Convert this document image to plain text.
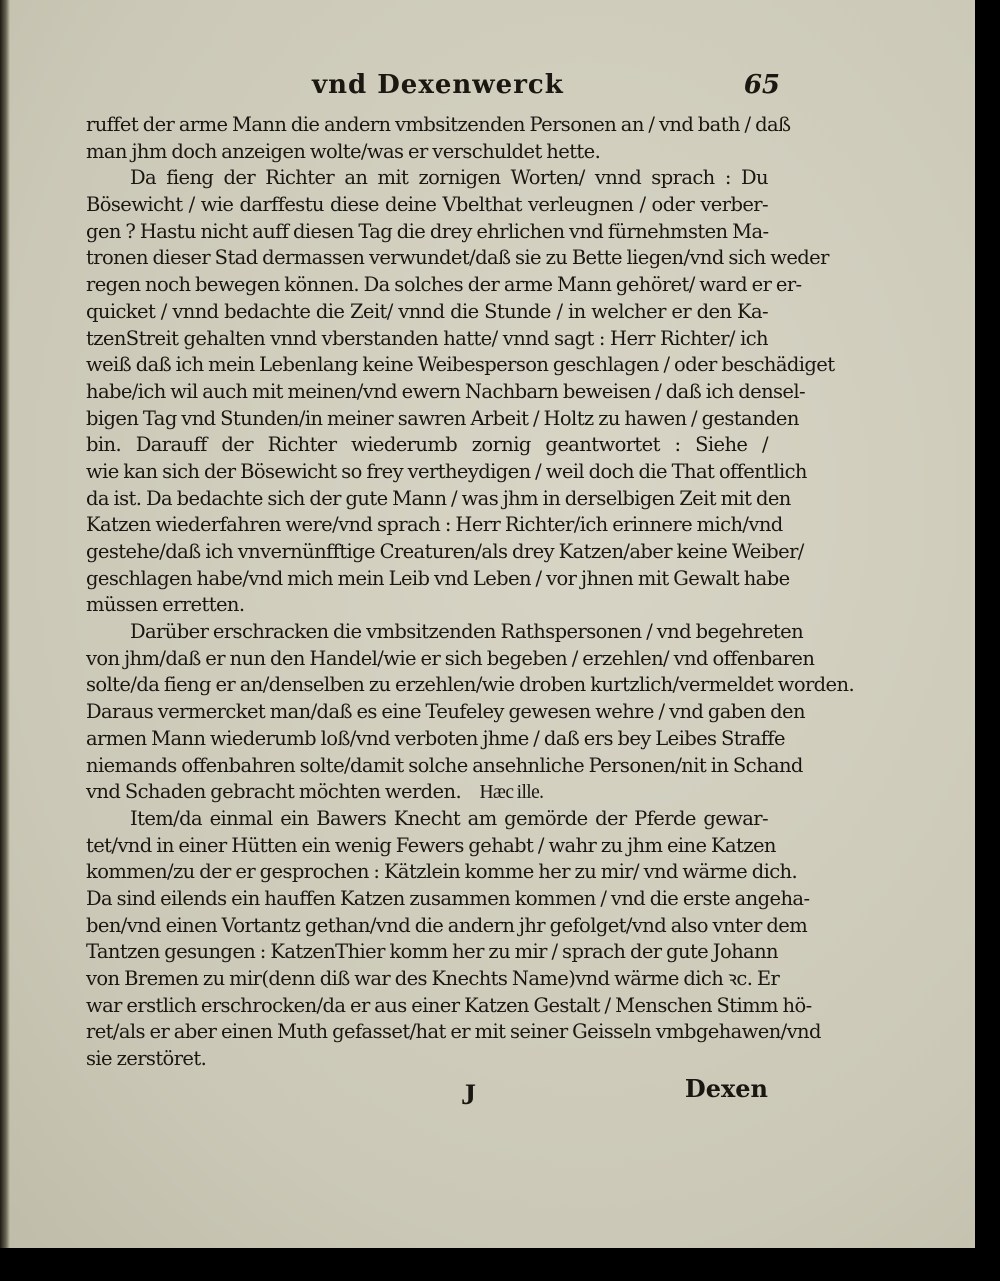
vnd Dexenwerck	65
ruffet der arme Mann die andern vmbsitzenden Personen an / vnd bath / daß
man jhm doch anzeigen wolte/was er verschuldet hette.
Da fieng der Richter an mit zornigen Worten/ vnnd sprach : Du
Bösewicht / wie darffestu diese deine Vbelthat verleugnen / oder verber-
gen ? Hastu nicht auff diesen Tag die drey ehrlichen vnd fürnehmsten Ma-
tronen dieser Stad dermassen verwundet/daß sie zu Bette liegen/vnd sich weder
regen noch bewegen können. Da solches der arme Mann gehöret/ ward er er-
quicket / vnnd bedachte die Zeit/ vnnd die Stunde / in welcher er den Ka-
tzenStreit gehalten vnnd vberstanden hatte/ vnnd sagt : Herr Richter/ ich
weiß daß ich mein Lebenlang keine Weibesperson geschlagen / oder beschädiget
habe/ich wil auch mit meinen/vnd ewern Nachbarn beweisen / daß ich densel-
bigen Tag vnd Stunden/in meiner sawren Arbeit / Holtz zu hawen / gestanden
bin. Darauff der Richter wiederumb zornig geantwortet : Siehe /
wie kan sich der Bösewicht so frey vertheydigen / weil doch die That offentlich
da ist. Da bedachte sich der gute Mann / was jhm in derselbigen Zeit mit den
Katzen wiederfahren were/vnd sprach : Herr Richter/ich erinnere mich/vnd
gestehe/daß ich vnvernünfftige Creaturen/als drey Katzen/aber keine Weiber/
geschlagen habe/vnd mich mein Leib vnd Leben / vor jhnen mit Gewalt habe
müssen erretten.
Darüber erschracken die vmbsitzenden Rathspersonen / vnd begehreten
von jhm/daß er nun den Handel/wie er sich begeben / erzehlen/ vnd offenbaren
solte/da fieng er an/denselben zu erzehlen/wie droben kurtzlich/vermeldet worden.
Daraus vermercket man/daß es eine Teufeley gewesen wehre / vnd gaben den
armen Mann wiederumb loß/vnd verboten jhme / daß ers bey Leibes Straffe
niemands offenbahren solte/damit solche ansehnliche Personen/nit in Schand
vnd Schaden gebracht möchten werden. Hæc ille.
Item/da einmal ein Bawers Knecht am gemörde der Pferde gewar-
tet/vnd in einer Hütten ein wenig Fewers gehabt / wahr zu jhm eine Katzen
kommen/zu der er gesprochen : Kätzlein komme her zu mir/ vnd wärme dich.
Da sind eilends ein hauffen Katzen zusammen kommen / vnd die erste angeha-
ben/vnd einen Vortantz gethan/vnd die andern jhr gefolget/vnd also vnter dem
Tantzen gesungen : KatzenThier komm her zu mir / sprach der gute Johann
von Bremen zu mir(denn diß war des Knechts Name)vnd wärme dich ꝛc. Er
war erstlich erschrocken/da er aus einer Katzen Gestalt / Menschen Stimm hö-
ret/als er aber einen Muth gefasset/hat er mit seiner Geisseln vmbgehawen/vnd
sie zerstöret.
J	Dexen
